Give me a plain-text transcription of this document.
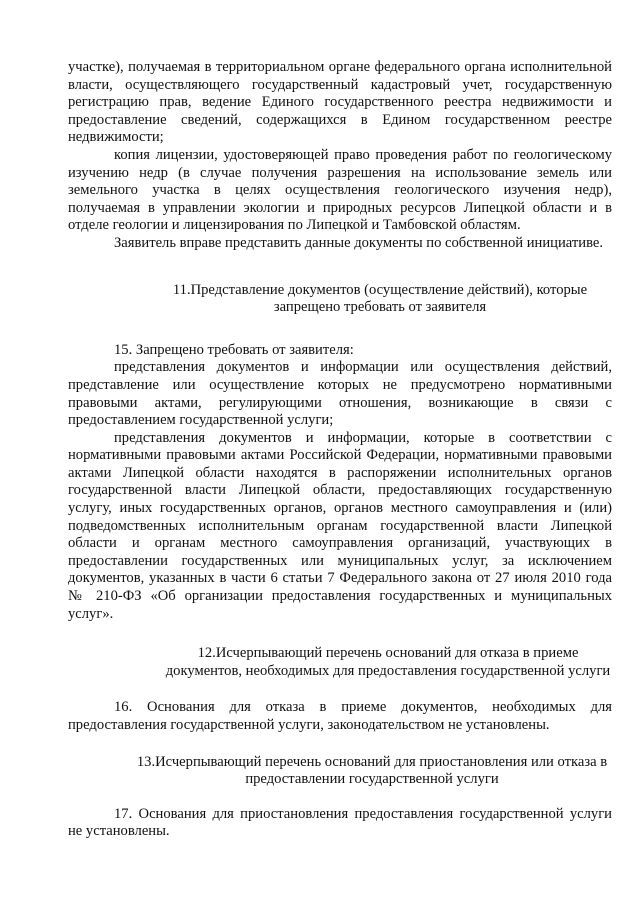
участке), получаемая в территориальном органе федерального органа исполнительной власти, осуществляющего государственный кадастровый учет, государственную регистрацию прав, ведение Единого государственного реестра недвижимости и предоставление сведений, содержащихся в Едином государственном реестре недвижимости;

копия лицензии, удостоверяющей право проведения работ по геологическому изучению недр (в случае получения разрешения на использование земель или земельного участка в целях осуществления геологического изучения недр), получаемая в управлении экологии и природных ресурсов Липецкой области и в отделе геологии и лицензирования по Липецкой и Тамбовской областям.

Заявитель вправе представить данные документы по собственной инициативе.

11.Представление документов (осуществление действий), которые запрещено требовать от заявителя

15. Запрещено требовать от заявителя:

представления документов и информации или осуществления действий, представление или осуществление которых не предусмотрено нормативными правовыми актами, регулирующими отношения, возникающие в связи с предоставлением государственной услуги;

представления документов и информации, которые в соответствии с нормативными правовыми актами Российской Федерации, нормативными правовыми актами Липецкой области находятся в распоряжении исполнительных органов государственной власти Липецкой области, предоставляющих государственную услугу, иных государственных органов, органов местного самоуправления и (или) подведомственных исполнительным органам государственной власти Липецкой области и органам местного самоуправления организаций, участвующих в предоставлении государственных или муниципальных услуг, за исключением документов, указанных в части 6 статьи 7 Федерального закона от 27 июля 2010 года № 210-ФЗ «Об организации предоставления государственных и муниципальных услуг».

12.Исчерпывающий перечень оснований для отказа в приеме документов, необходимых для предоставления государственной услуги

16. Основания для отказа в приеме документов, необходимых для предоставления государственной услуги, законодательством не установлены.

13.Исчерпывающий перечень оснований для приостановления или отказа в предоставлении государственной услуги

17. Основания для приостановления предоставления государственной услуги не установлены.
